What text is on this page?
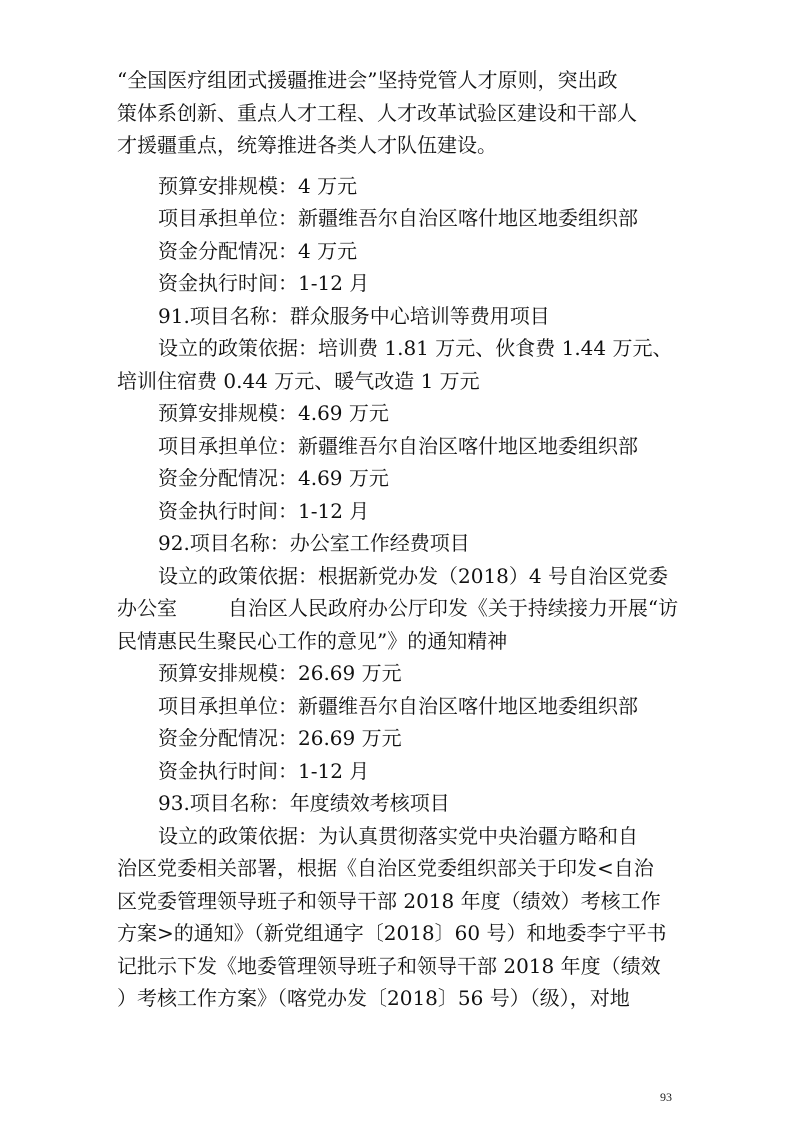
“全国医疗组团式援疆推进会”坚持党管人才原则，突出政
策体系创新、重点人才工程、人才改革试验区建设和干部人
才援疆重点，统筹推进各类人才队伍建设。
预算安排规模：4 万元
项目承担单位：新疆维吾尔自治区喀什地区地委组织部
资金分配情况：4 万元
资金执行时间：1-12 月
91.项目名称：群众服务中心培训等费用项目
设立的政策依据：培训费 1.81 万元、伙食费 1.44 万元、
培训住宿费 0.44 万元、暖气改造 1 万元
预算安排规模：4.69 万元
项目承担单位：新疆维吾尔自治区喀什地区地委组织部
资金分配情况：4.69 万元
资金执行时间：1-12 月
92.项目名称：办公室工作经费项目
设立的政策依据：根据新党办发（2018）4 号自治区党委
办公室        自治区人民政府办公厅印发《关于持续接力开展“访
民情惠民生聚民心工作的意见”》的通知精神
预算安排规模：26.69 万元
项目承担单位：新疆维吾尔自治区喀什地区地委组织部
资金分配情况：26.69 万元
资金执行时间：1-12 月
93.项目名称：年度绩效考核项目
设立的政策依据：为认真贯彻落实党中央治疆方略和自
治区党委相关部署，根据《自治区党委组织部关于印发<自治
区党委管理领导班子和领导干部 2018 年度（绩效）考核工作
方案>的通知》（新党组通字〔2018〕60 号）和地委李宁平书
记批示下发《地委管理领导班子和领导干部 2018 年度（绩效
）考核工作方案》（喀党办发〔2018〕56 号）（级），对地
93
